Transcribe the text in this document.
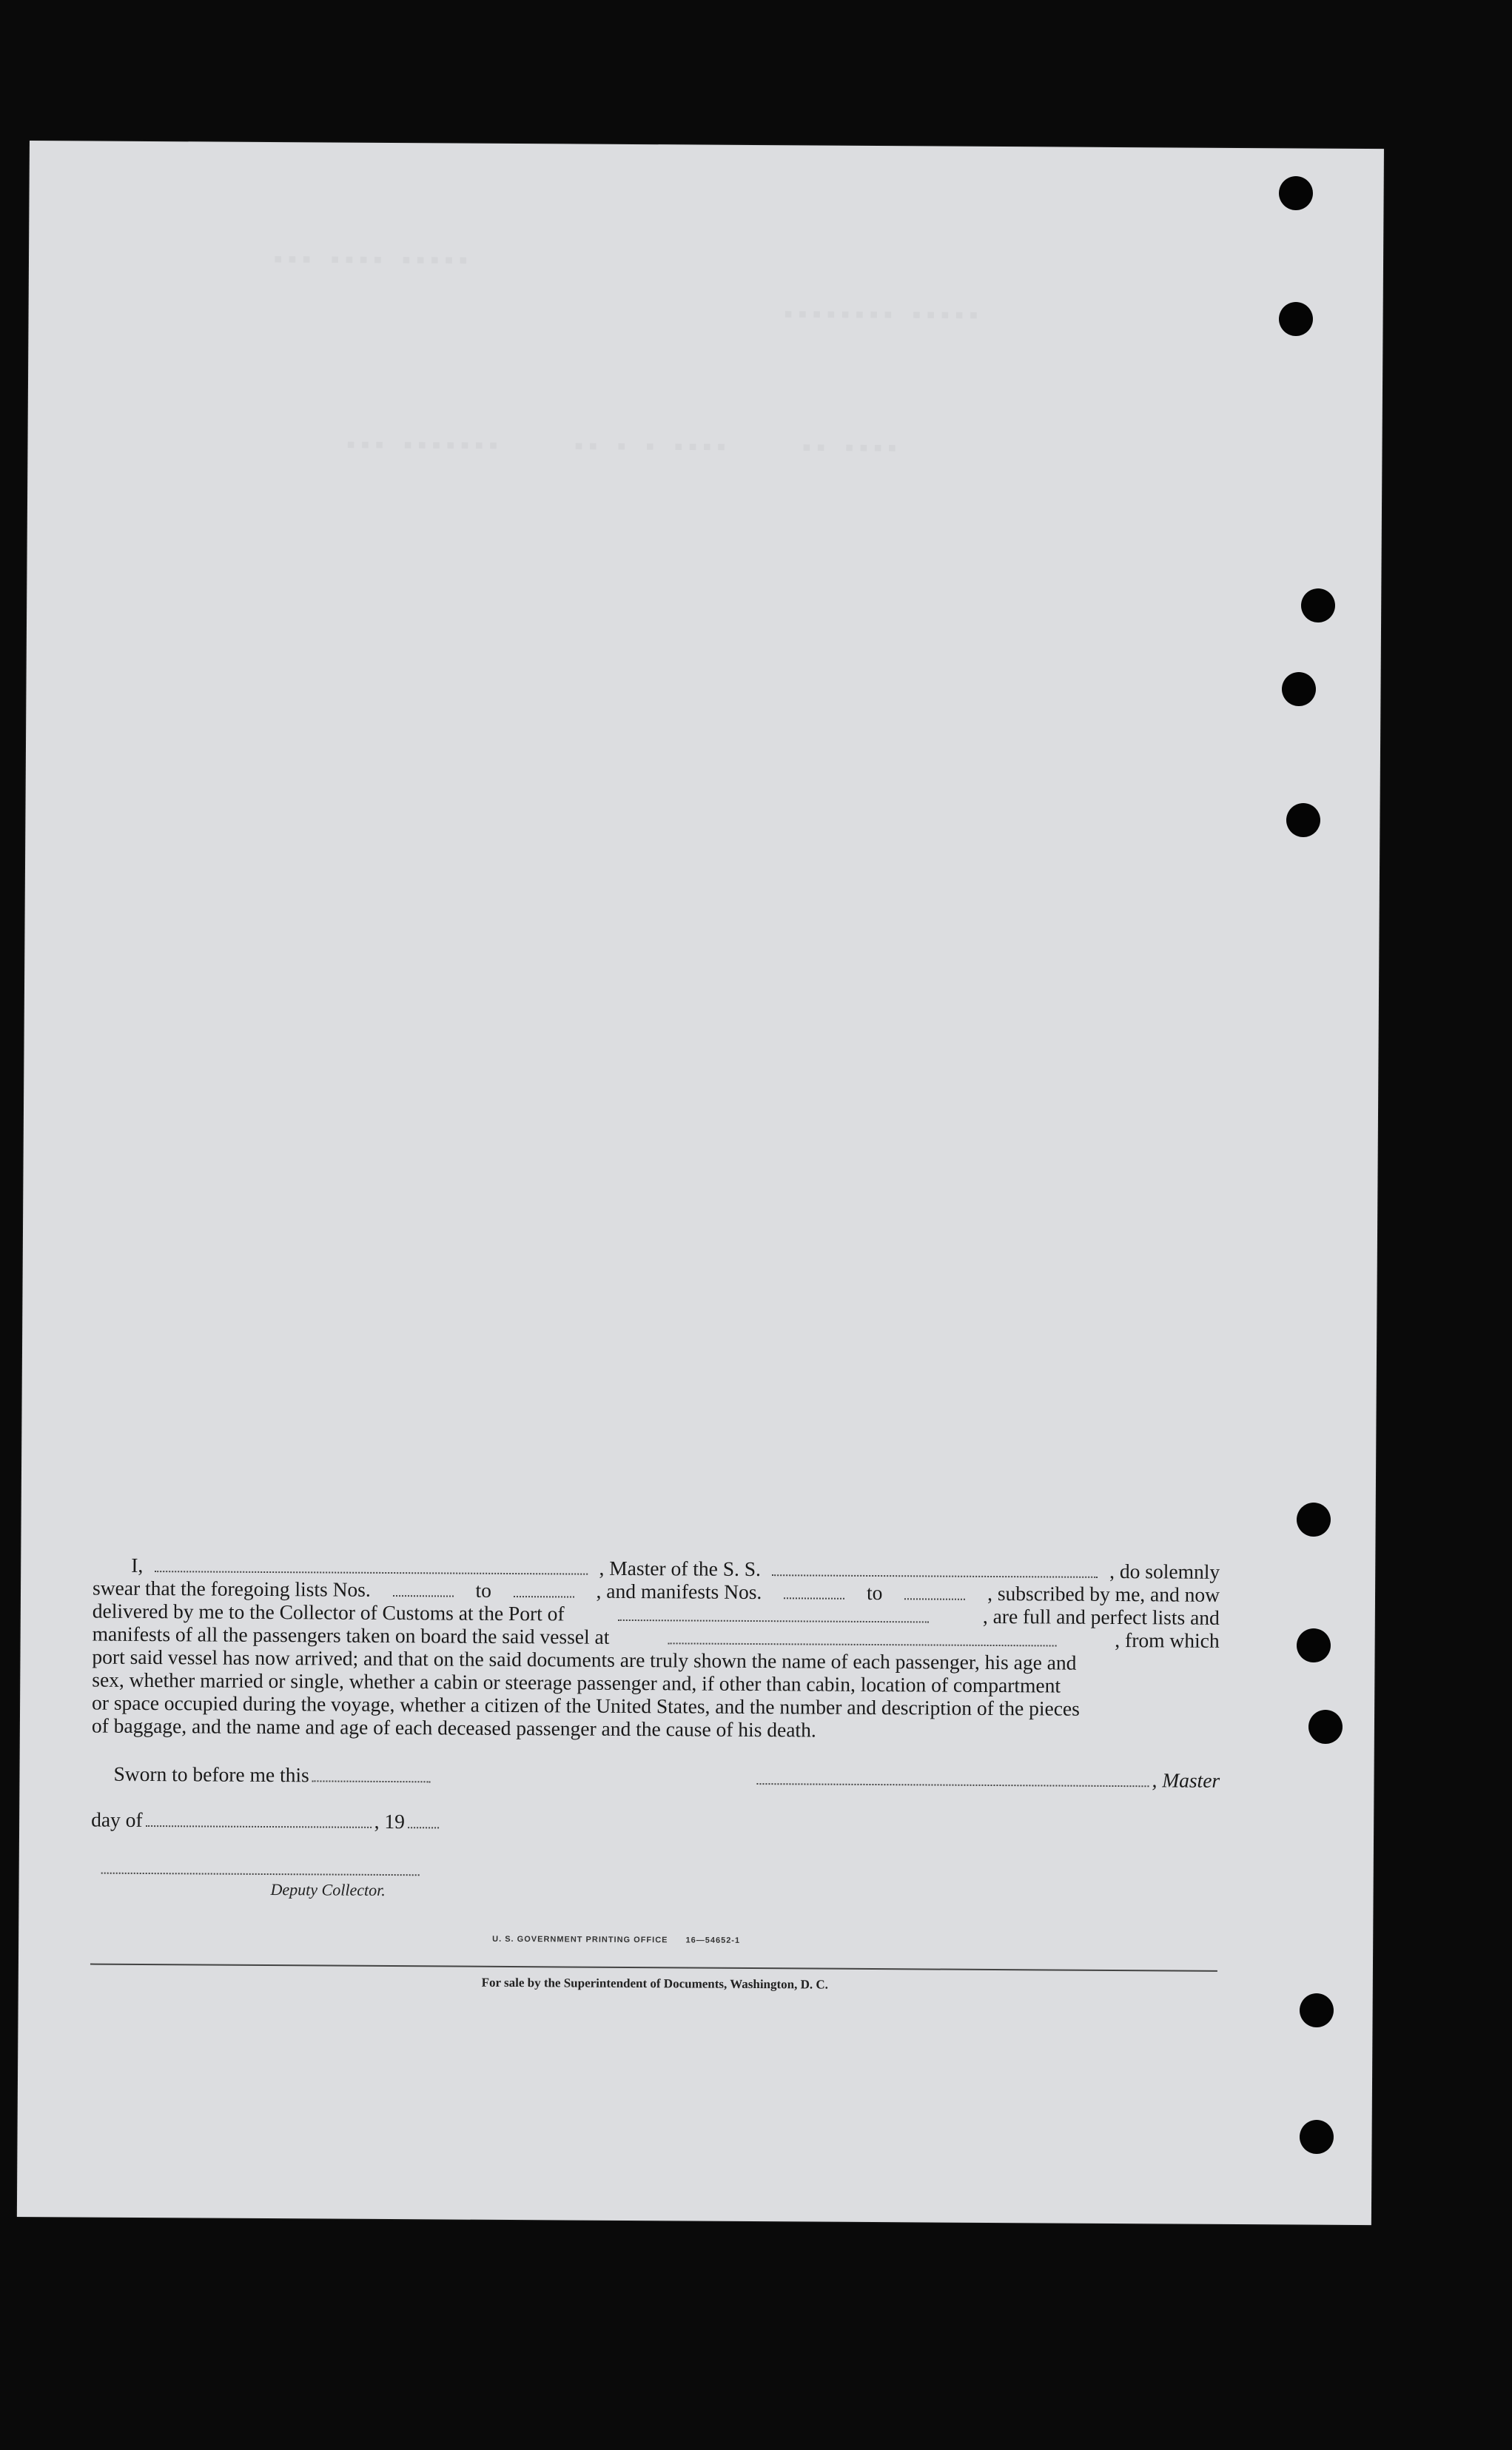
▪▪▪ ▪▪▪▪ ▪▪▪▪▪
▪▪▪▪▪▪▪▪ ▪▪▪▪▪
▪▪▪ ▪▪▪▪▪▪▪     ▪▪ ▪ ▪ ▪▪▪▪     ▪▪ ▪▪▪▪
I,	, Master of the S. S.	, do solemnly
swear that the foregoing lists Nos.	to	, and manifests Nos.	to	, subscribed by me, and now
delivered by me to the Collector of Customs at the Port of	, are full and perfect lists and
manifests of all the passengers taken on board the said vessel at	, from which
port said vessel has now arrived; and that on the said documents are truly shown the name of each passenger, his age and
sex, whether married or single, whether a cabin or steerage passenger and, if other than cabin, location of compartment
or space occupied during the voyage, whether a citizen of the United States, and the number and description of the pieces
of baggage, and the name and age of each deceased passenger and the cause of his death.
Sworn to before me this	, Master
day of	, 19
Deputy Collector.
U. S. GOVERNMENT PRINTING OFFICE 16—54652-1
For sale by the Superintendent of Documents, Washington, D. C.
